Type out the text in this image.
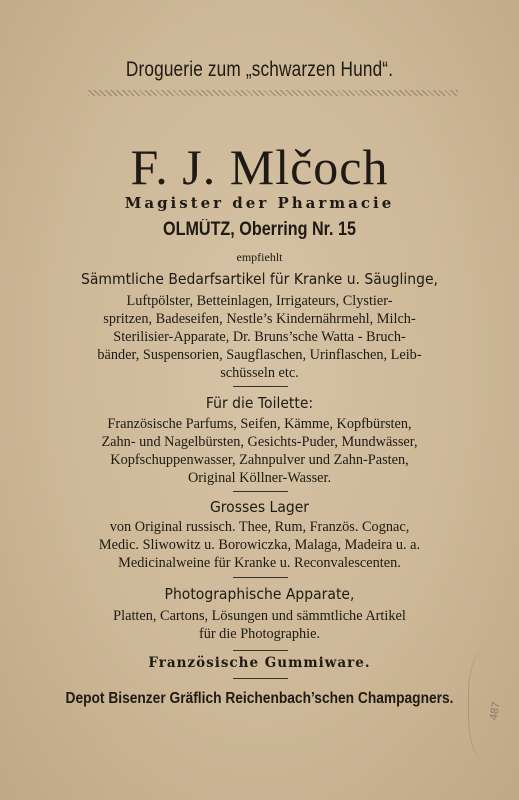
Droguerie zum „schwarzen Hund“.
F. J. Mlčoch
Magister der Pharmacie
OLMÜTZ, Oberring Nr. 15
empfiehlt
Sämmtliche Bedarfsartikel für Kranke u. Säuglinge,
Luftpölster, Betteinlagen, Irrigateurs, Clystier-
spritzen, Badeseifen, Nestle’s Kindernährmehl, Milch-
Sterilisier-Apparate, Dr. Bruns’sche Watta - Bruch-
bänder, Suspensorien, Saugflaschen, Urinflaschen, Leib-
schüsseln etc.
Für die Toilette:
Französische Parfums, Seifen, Kämme, Kopfbürsten,
Zahn- und Nagelbürsten, Gesichts-Puder, Mundwässer,
Kopfschuppenwasser, Zahnpulver und Zahn-Pasten,
Original Köllner-Wasser.
Grosses Lager
von Original russisch. Thee, Rum, Französ. Cognac,
Medic. Sliwowitz u. Borowiczka, Malaga, Madeira u. a.
Medicinalweine für Kranke u. Reconvalescenten.
Photographische Apparate,
Platten, Cartons, Lösungen und sämmtliche Artikel
für die Photographie.
Französische Gummiware.
Depot Bisenzer Gräflich Reichenbach’schen Champagners.
487
